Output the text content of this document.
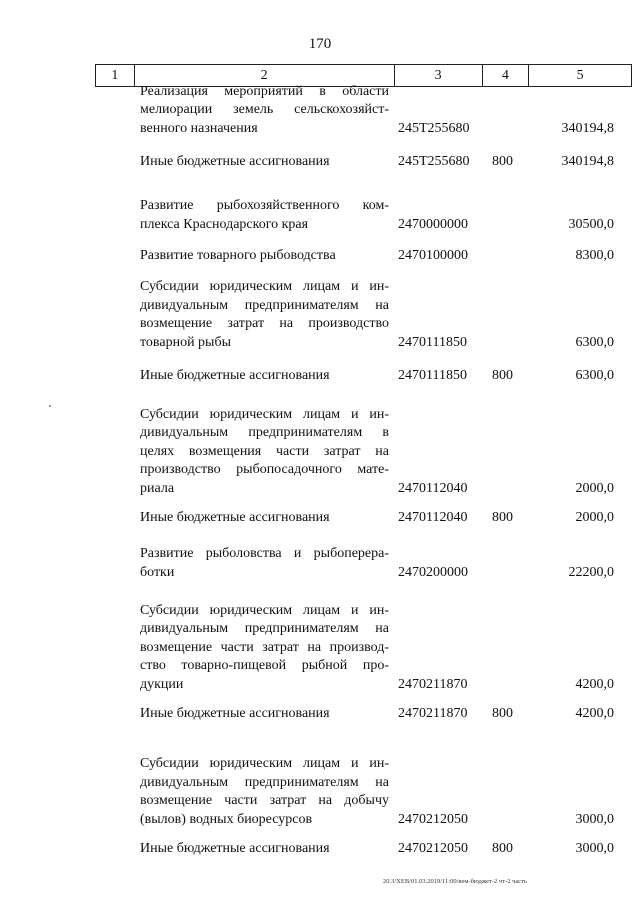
170
1	2	3	4	5
Реализация мероприятий в области
мелиорации земель сельскохозяйст-
венного назначения	245Т255680	340194,8
Иные бюджетные ассигнования	245Т255680 800	340194,8
Развитие рыбохозяйственного ком-
плекса Краснодарского края	2470000000	30500,0
Развитие товарного рыбоводства	2470100000	8300,0
Субсидии юридическим лицам и ин-
дивидуальным предпринимателям на
возмещение затрат на производство
товарной рыбы	2470111850	6300,0
Иные бюджетные ассигнования	2470111850 800	6300,0
Субсидии юридическим лицам и ин-
дивидуальным предпринимателям в
целях возмещения части затрат на
производство рыбопосадочного мате-
риала	2470112040	2000,0
Иные бюджетные ассигнования	2470112040 800	2000,0
Развитие рыболовства и рыбоперера-
ботки	2470200000	22200,0
Субсидии юридическим лицам и ин-
дивидуальным предпринимателям на
возмещение части затрат на производ-
ство товарно-пищевой рыбной про-
дукции	2470211870	4200,0
Иные бюджетные ассигнования	2470211870 800	4200,0
Субсидии юридическим лицам и ин-
дивидуальным предпринимателям на
возмещение части затрат на добычу
(вылов) водных биоресурсов	2470212050	3000,0
Иные бюджетные ассигнования	2470212050 800	3000,0
20.3/ХЕВ/01.03.2019/11:00/вем-бюджет-2 чт-2 часть
